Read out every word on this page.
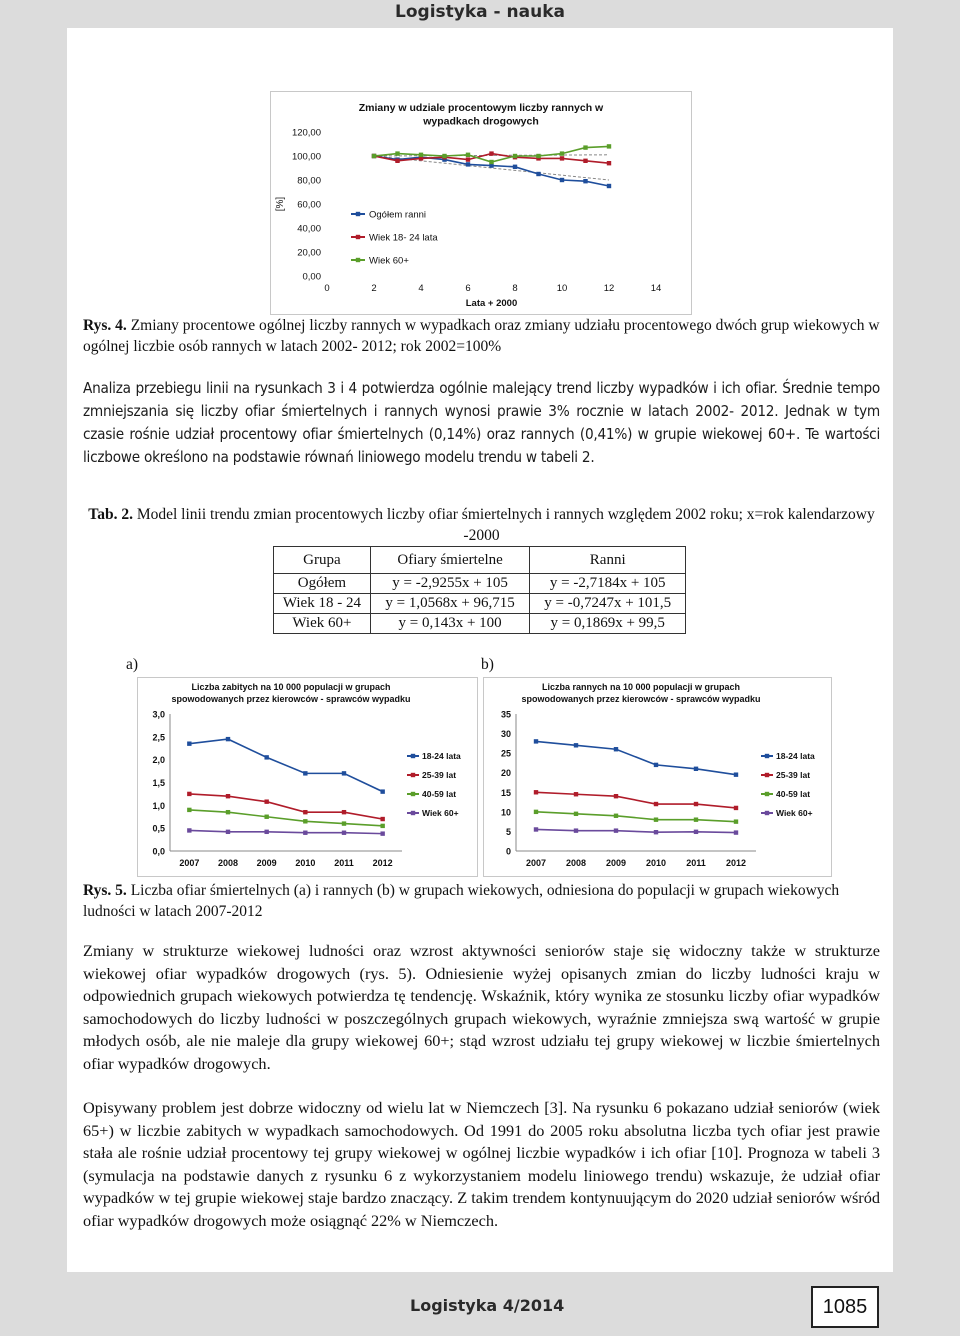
Logistyka - nauka
Zmiany w udziale procentowym liczby rannych w
wypadkach drogowych
[%]
0,00
20,00
40,00
60,00
80,00
100,00
120,00
0	2	4	6	8	10	12	14
Lata + 2000
Ogółem ranni
Wiek 18- 24 lata
Wiek 60+
Rys. 4. Zmiany procentowe ogólnej liczby rannych w wypadkach oraz zmiany udziału procentowego dwóch grup wiekowych w ogólnej liczbie osób rannych w latach 2002- 2012; rok 2002=100%
Analiza przebiegu linii na rysunkach 3 i 4 potwierdza ogólnie malejący trend liczby wypadków i ich ofiar. Średnie tempo zmniejszania się liczby ofiar śmiertelnych i rannych wynosi prawie 3% rocznie w latach 2002- 2012. Jednak w tym czasie rośnie udział procentowy ofiar śmiertelnych (0,14%) oraz rannych (0,41%) w grupie wiekowej 60+. Te wartości liczbowe określono na podstawie równań liniowego modelu trendu w tabeli 2.
Tab. 2. Model linii trendu zmian procentowych liczby ofiar śmiertelnych i rannych względem 2002 roku; x=rok kalendarzowy -2000
Grupa	Ofiary śmiertelne	Ranni
Ogółem	y = -2,9255x + 105	y = -2,7184x + 105
Wiek 18 - 24	y = 1,0568x + 96,715	y = -0,7247x + 101,5
Wiek 60+	y = 0,143x + 100	y = 0,1869x + 99,5
a)	b)
Liczba zabitych na 10 000 populacji w grupach
spowodowanych przez kierowców - sprawców wypadku
0,0
0,5
1,0
1,5
2,0
2,5
3,0
2007 2008 2009 2010 2011 2012
18-24 lata
25-39 lat
40-59 lat
Wiek 60+
Liczba rannych na 10 000 populacji w grupach
spowodowanych przez kierowców - sprawców wypadku
0
5
10
15
20
25
30
35
2007 2008 2009 2010 2011 2012
18-24 lata
25-39 lat
40-59 lat
Wiek 60+
Rys. 5. Liczba ofiar śmiertelnych (a) i rannych (b) w grupach wiekowych, odniesiona do populacji w grupach wiekowych ludności w latach 2007-2012
Zmiany w strukturze wiekowej ludności oraz wzrost aktywności seniorów staje się widoczny także w strukturze wiekowej ofiar wypadków drogowych (rys. 5). Odniesienie wyżej opisanych zmian do liczby ludności kraju w odpowiednich grupach wiekowych potwierdza tę tendencję. Wskaźnik, który wynika ze stosunku liczby ofiar wypadków samochodowych do liczby ludności w poszczególnych grupach wiekowych, wyraźnie zmniejsza swą wartość w grupie młodych osób, ale nie maleje dla grupy wiekowej 60+; stąd wzrost udziału tej grupy wiekowej w liczbie śmiertelnych ofiar wypadków drogowych.
Opisywany problem jest dobrze widoczny od wielu lat w Niemczech [3]. Na rysunku 6 pokazano udział seniorów (wiek 65+) w liczbie zabitych w wypadkach samochodowych. Od 1991 do 2005 roku absolutna liczba tych ofiar jest prawie stała ale rośnie udział procentowy tej grupy wiekowej w ogólnej liczbie wypadków i ich ofiar [10]. Prognoza w tabeli 3 (symulacja na podstawie danych z rysunku 6 z wykorzystaniem modelu liniowego trendu) wskazuje, że udział ofiar wypadków w tej grupie wiekowej staje bardzo znaczący. Z takim trendem kontynuującym do 2020 udział seniorów wśród ofiar wypadków drogowych może osiągnąć 22% w Niemczech.
Logistyka 4/2014	1085
